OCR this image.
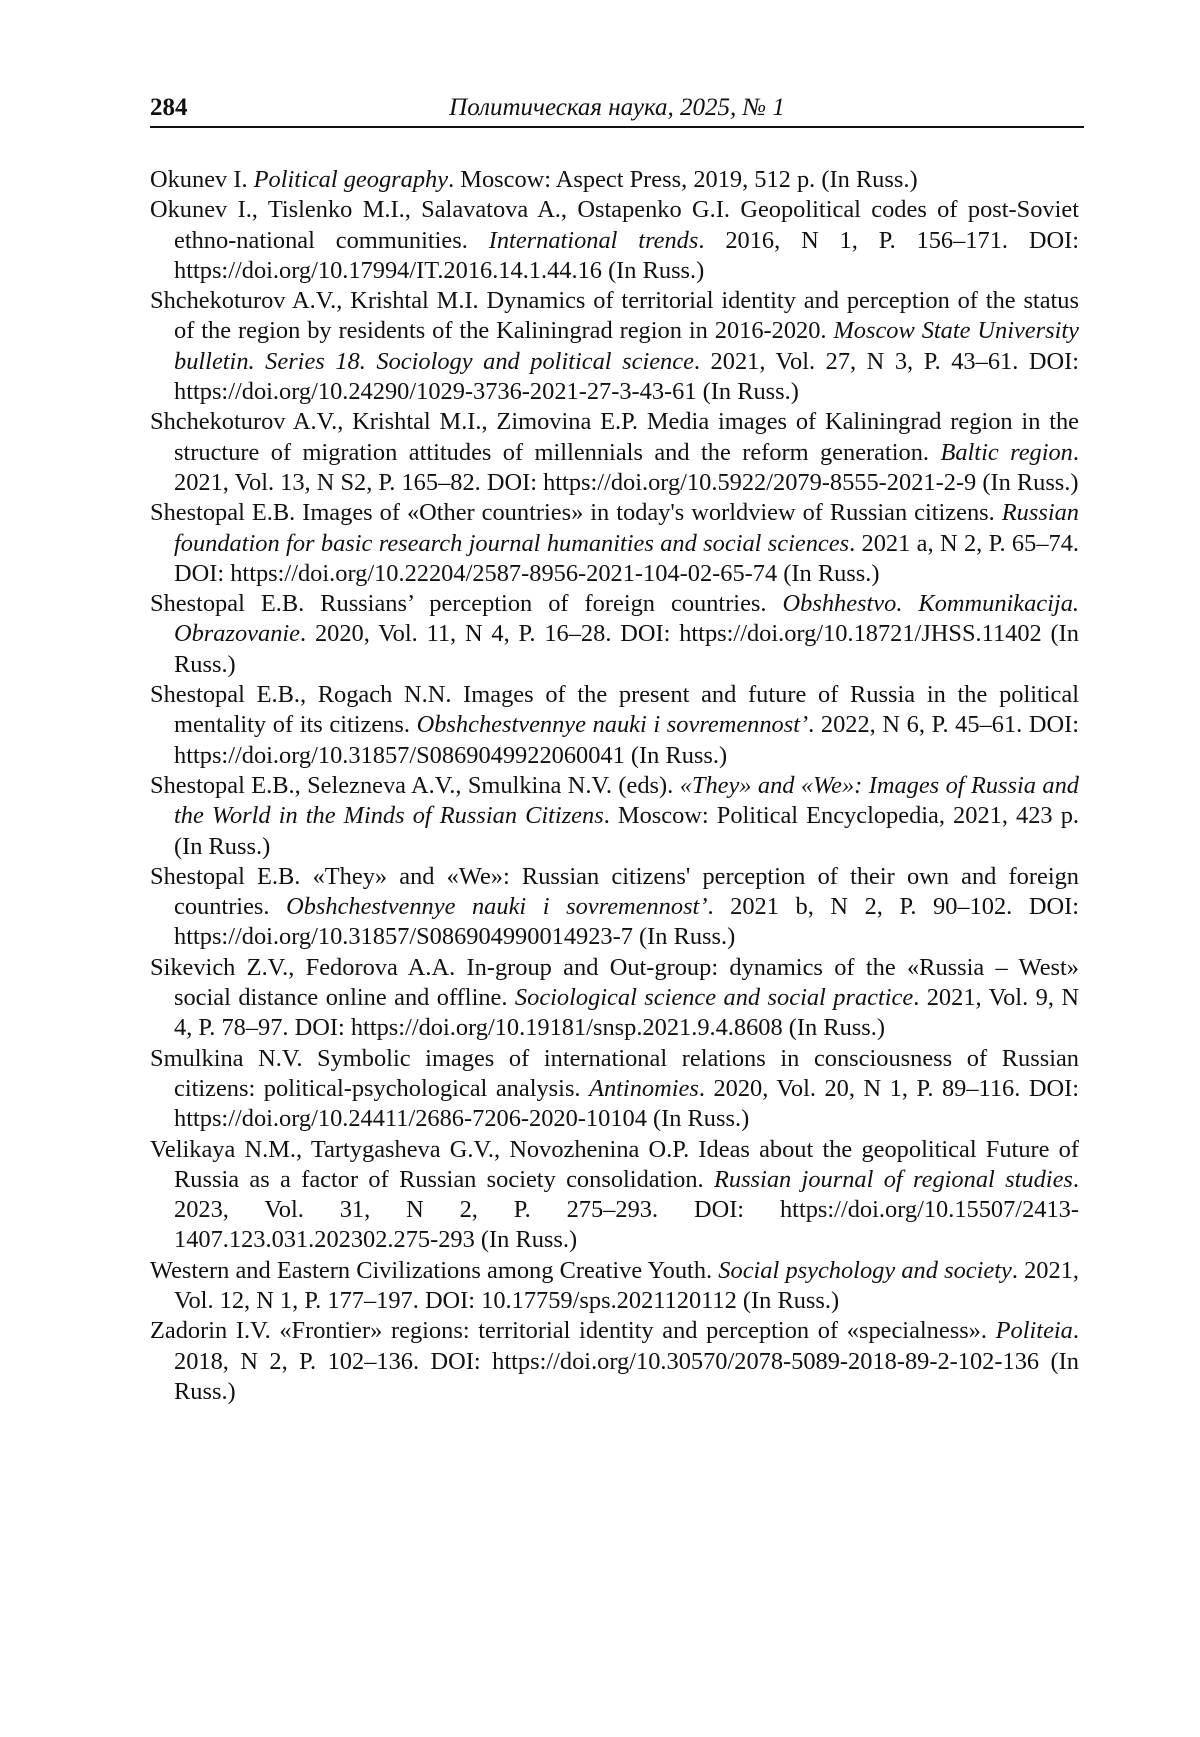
284	Политическая наука, 2025, № 1
Okunev I. Political geography. Moscow: Aspect Press, 2019, 512 p. (In Russ.)
Okunev I., Tislenko M.I., Salavatova A., Ostapenko G.I. Geopolitical codes of post-Soviet ethno-national communities. International trends. 2016, N 1, P. 156–171. DOI: https://doi.org/10.17994/IT.2016.14.1.44.16 (In Russ.)
Shchekoturov A.V., Krishtal M.I. Dynamics of territorial identity and perception of the status of the region by residents of the Kaliningrad region in 2016-2020. Moscow State University bulletin. Series 18. Sociology and political science. 2021, Vol. 27, N 3, P. 43–61. DOI: https://doi.org/10.24290/1029-3736-2021-27-3-43-61 (In Russ.)
Shchekoturov A.V., Krishtal M.I., Zimovina E.P. Media images of Kaliningrad region in the structure of migration attitudes of millennials and the reform generation. Baltic region. 2021, Vol. 13, N S2, P. 165–82. DOI: https://doi.org/10.5922/2079-8555-2021-2-9 (In Russ.)
Shestopal E.B. Images of «Other countries» in today's worldview of Russian citizens. Russian foundation for basic research journal humanities and social sciences. 2021 a, N 2, P. 65–74. DOI: https://doi.org/10.22204/2587-8956-2021-104-02-65-74 (In Russ.)
Shestopal E.B. Russians’ perception of foreign countries. Obshhestvo. Kommunikacija. Obrazovanie. 2020, Vol. 11, N 4, P. 16–28. DOI: https://doi.org/10.18721/JHSS.11402 (In Russ.)
Shestopal E.B., Rogach N.N. Images of the present and future of Russia in the political mentality of its citizens. Obshchestvennye nauki i sovremennost’. 2022, N 6, P. 45–61. DOI: https://doi.org/10.31857/S0869049922060041 (In Russ.)
Shestopal E.B., Selezneva A.V., Smulkina N.V. (eds). «They» and «We»: Images of Russia and the World in the Minds of Russian Citizens. Moscow: Political Encyclopedia, 2021, 423 p. (In Russ.)
Shestopal E.B. «They» and «We»: Russian citizens' perception of their own and foreign countries. Obshchestvennye nauki i sovremennost’. 2021 b, N 2, P. 90–102. DOI: https://doi.org/10.31857/S086904990014923-7 (In Russ.)
Sikevich Z.V., Fedorova A.A. In-group and Out-group: dynamics of the «Russia – West» social distance online and offline. Sociological science and social practice. 2021, Vol. 9, N 4, P. 78–97. DOI: https://doi.org/10.19181/snsp.2021.9.4.8608 (In Russ.)
Smulkina N.V. Symbolic images of international relations in consciousness of Russian citizens: political-psychological analysis. Antinomies. 2020, Vol. 20, N 1, P. 89–116. DOI: https://doi.org/10.24411/2686-7206-2020-10104 (In Russ.)
Velikaya N.M., Tartygasheva G.V., Novozhenina O.P. Ideas about the geopolitical Future of Russia as a factor of Russian society consolidation. Russian journal of regional studies. 2023, Vol. 31, N 2, P. 275–293. DOI: https://doi.org/10.15507/2413-1407.123.031.202302.275-293 (In Russ.)
Western and Eastern Civilizations among Creative Youth. Social psychology and society. 2021, Vol. 12, N 1, P. 177–197. DOI: 10.17759/sps.2021120112 (In Russ.)
Zadorin I.V. «Frontier» regions: territorial identity and perception of «specialness». Politeia. 2018, N 2, P. 102–136. DOI: https://doi.org/10.30570/2078-5089-2018-89-2-102-136 (In Russ.)
